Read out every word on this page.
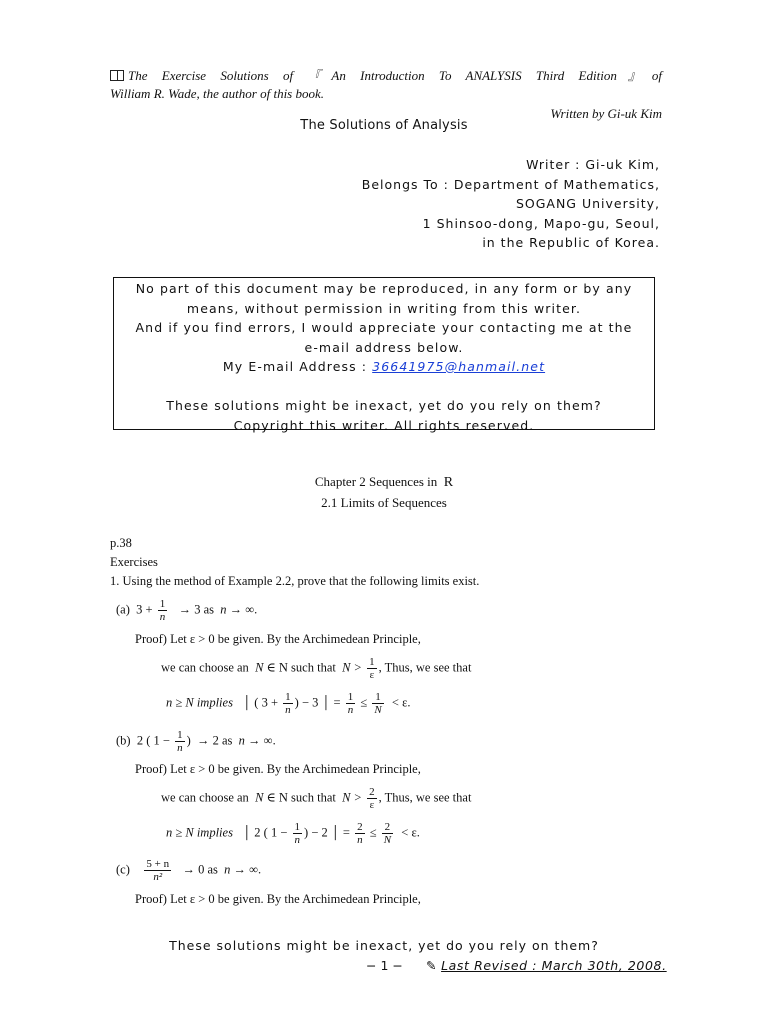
The Exercise Solutions of 『An Introduction To ANALYSIS Third Edition』of
William R. Wade, the author of this book.
Written by Gi-uk Kim
The Solutions of Analysis
Writer : Gi-uk Kim,
Belongs To : Department of Mathematics,
SOGANG University,
1 Shinsoo-dong, Mapo-gu, Seoul,
in the Republic of Korea.
No part of this document may be reproduced, in any form or by any
means, without permission in writing from this writer.
And if you find errors, I would appreciate your contacting me at the
e-mail address below.
My E-mail Address : 36641975@hanmail.net
These solutions might be inexact, yet do you rely on them?
Copyright this writer. All rights reserved.
Chapter 2 Sequences in R
2.1 Limits of Sequences
p.38
Exercises
1. Using the method of Example 2.2, prove that the following limits exist.
(a) $3 + \frac{1}{n} \to 3$ as n → ∞.
Proof) Let ε > 0 be given. By the Archimedean Principle,
we can choose an N ∈ N such that $N > \frac{1}{\varepsilon}$ , Thus, we see that
n ≥ N implies   │ ( $3 + \frac{1}{n}$ ) − 3 │ = $\frac{1}{n} \le \frac{1}{N} < \varepsilon$.
(b) 2 ( $1 - \frac{1}{n}$ )  → 2 as n → ∞.
Proof) Let ε > 0 be given. By the Archimedean Principle,
we can choose an N ∈ N such that $N > \frac{2}{\varepsilon}$ , Thus, we see that
n ≥ N implies   │ 2 ( $1 - \frac{1}{n}$ ) − 2 │ = $\frac{2}{n} \le \frac{2}{N} < \varepsilon$.
$(c) \frac{5 + n}{\text{n²}} \to 0$ as n → ∞.
Proof) Let ε > 0 be given. By the Archimedean Principle,
These solutions might be inexact, yet do you rely on them?
− 1 − ✎ Last Revised : March 30th, 2008.
